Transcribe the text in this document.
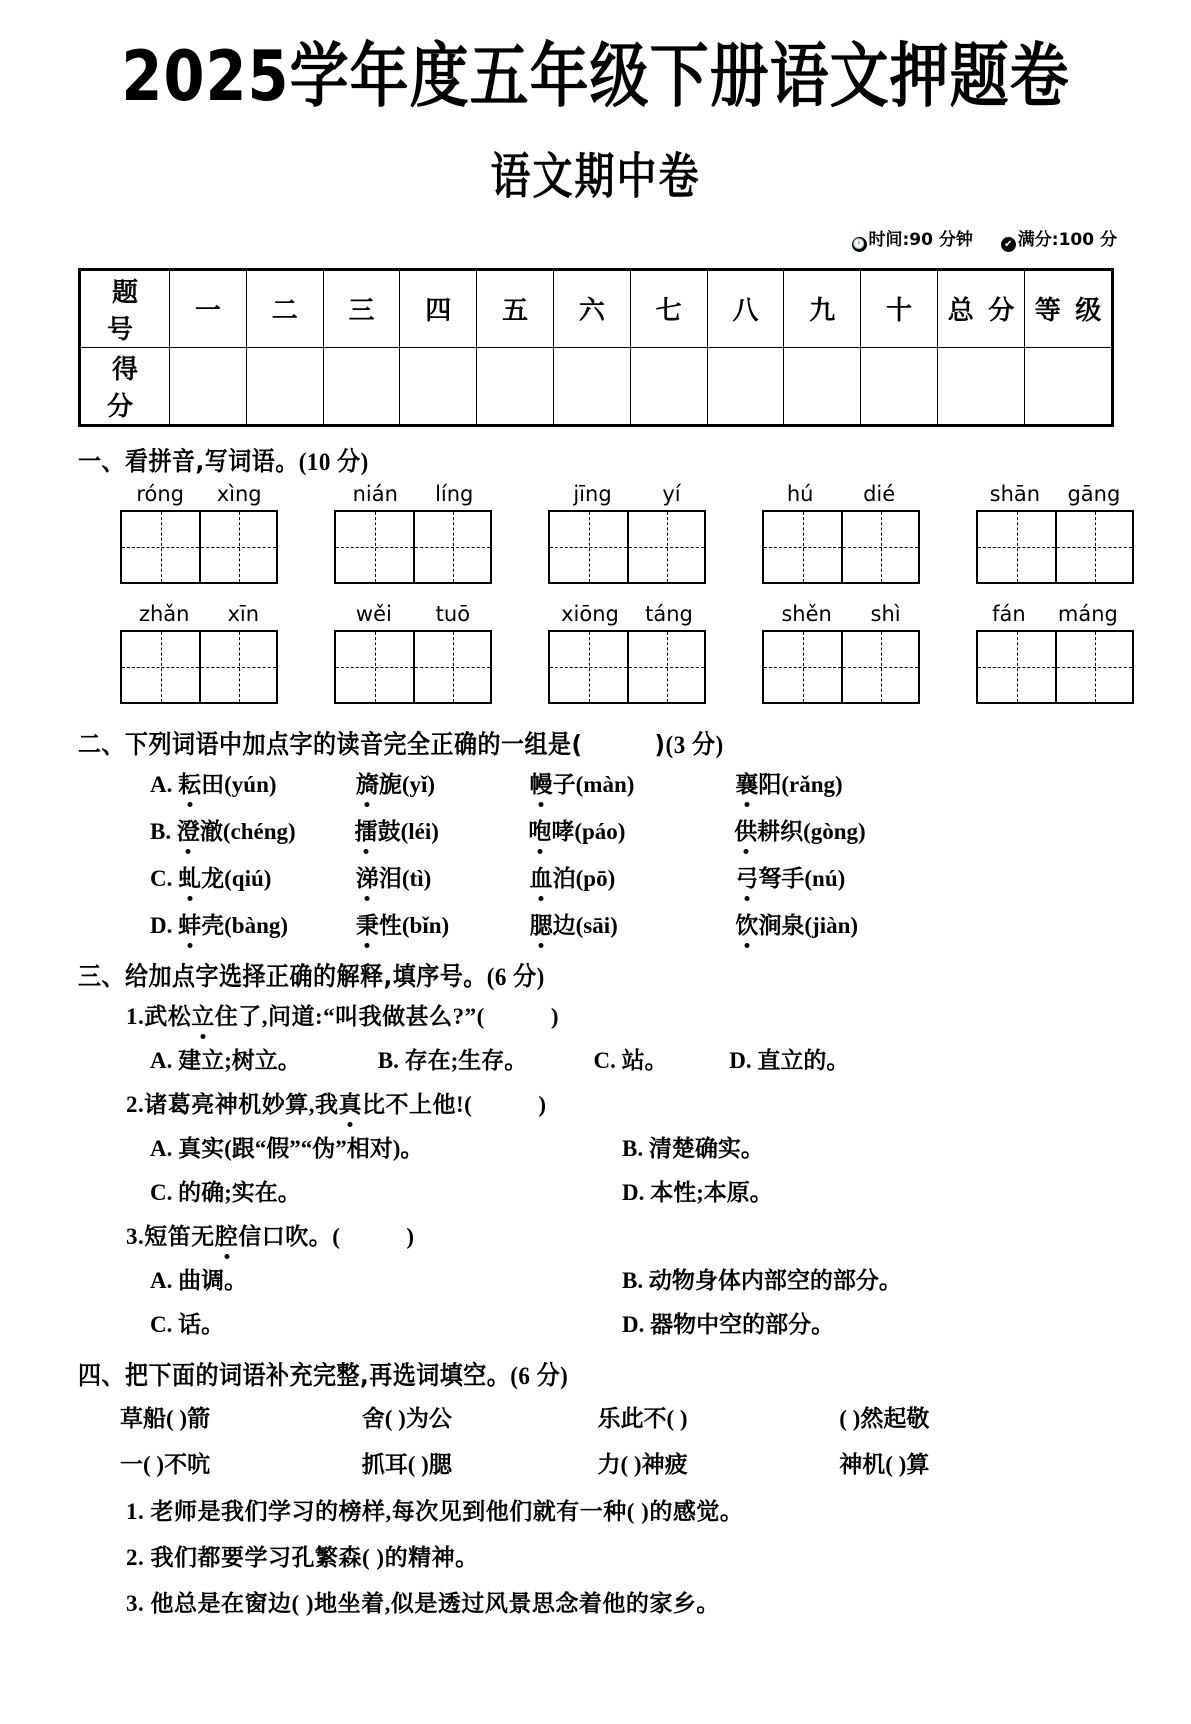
2025学年度五年级下册语文押题卷
语文期中卷
🕐 时间:90 分钟	✔ 满分:100 分
题 号	一	二	三	四	五	六	七	八	九	十	总 分	等 级
得 分												
一、看拼音,写词语。(10 分)
róng xìng	nián líng	jīng yí	hú dié	shān gāng
zhǎn xīn	wěi tuō	xiōng táng	shěn shì	fán máng
二、下列词语中加点字的读音完全正确的一组是(	)(3 分)
A. 耘田(yún)	旖旎(yǐ)	幔子(màn)	襄阳(rǎng)
B. 澄澈(chéng)	擂鼓(léi)	咆哮(páo)	供耕织(gòng)
C. 虬龙(qiú)	涕泪(tì)	血泊(pō)	弓弩手(nú)
D. 蚌壳(bàng)	秉性(bǐn)	腮边(sāi)	饮涧泉(jiàn)
三、给加点字选择正确的解释,填序号。(6 分)
1.武松立住了,问道:“叫我做甚么?”(	)
A. 建立;树立。	B. 存在;生存。	C. 站。	D. 直立的。
2.诸葛亮神机妙算,我真比不上他!(	)
A. 真实(跟“假”“伪”相对)。	B. 清楚确实。
C. 的确;实在。	D. 本性;本原。
3.短笛无腔信口吹。(	)
A. 曲调。	B. 动物身体内部空的部分。
C. 话。	D. 器物中空的部分。
四、把下面的词语补充完整,再选词填空。(6 分)
草船( )箭	舍( )为公	乐此不( )	( )然起敬
一( )不吭	抓耳( )腮	力( )神疲	神机( )算
1. 老师是我们学习的榜样,每次见到他们就有一种( )的感觉。
2. 我们都要学习孔繁森( )的精神。
3. 他总是在窗边( )地坐着,似是透过风景思念着他的家乡。
